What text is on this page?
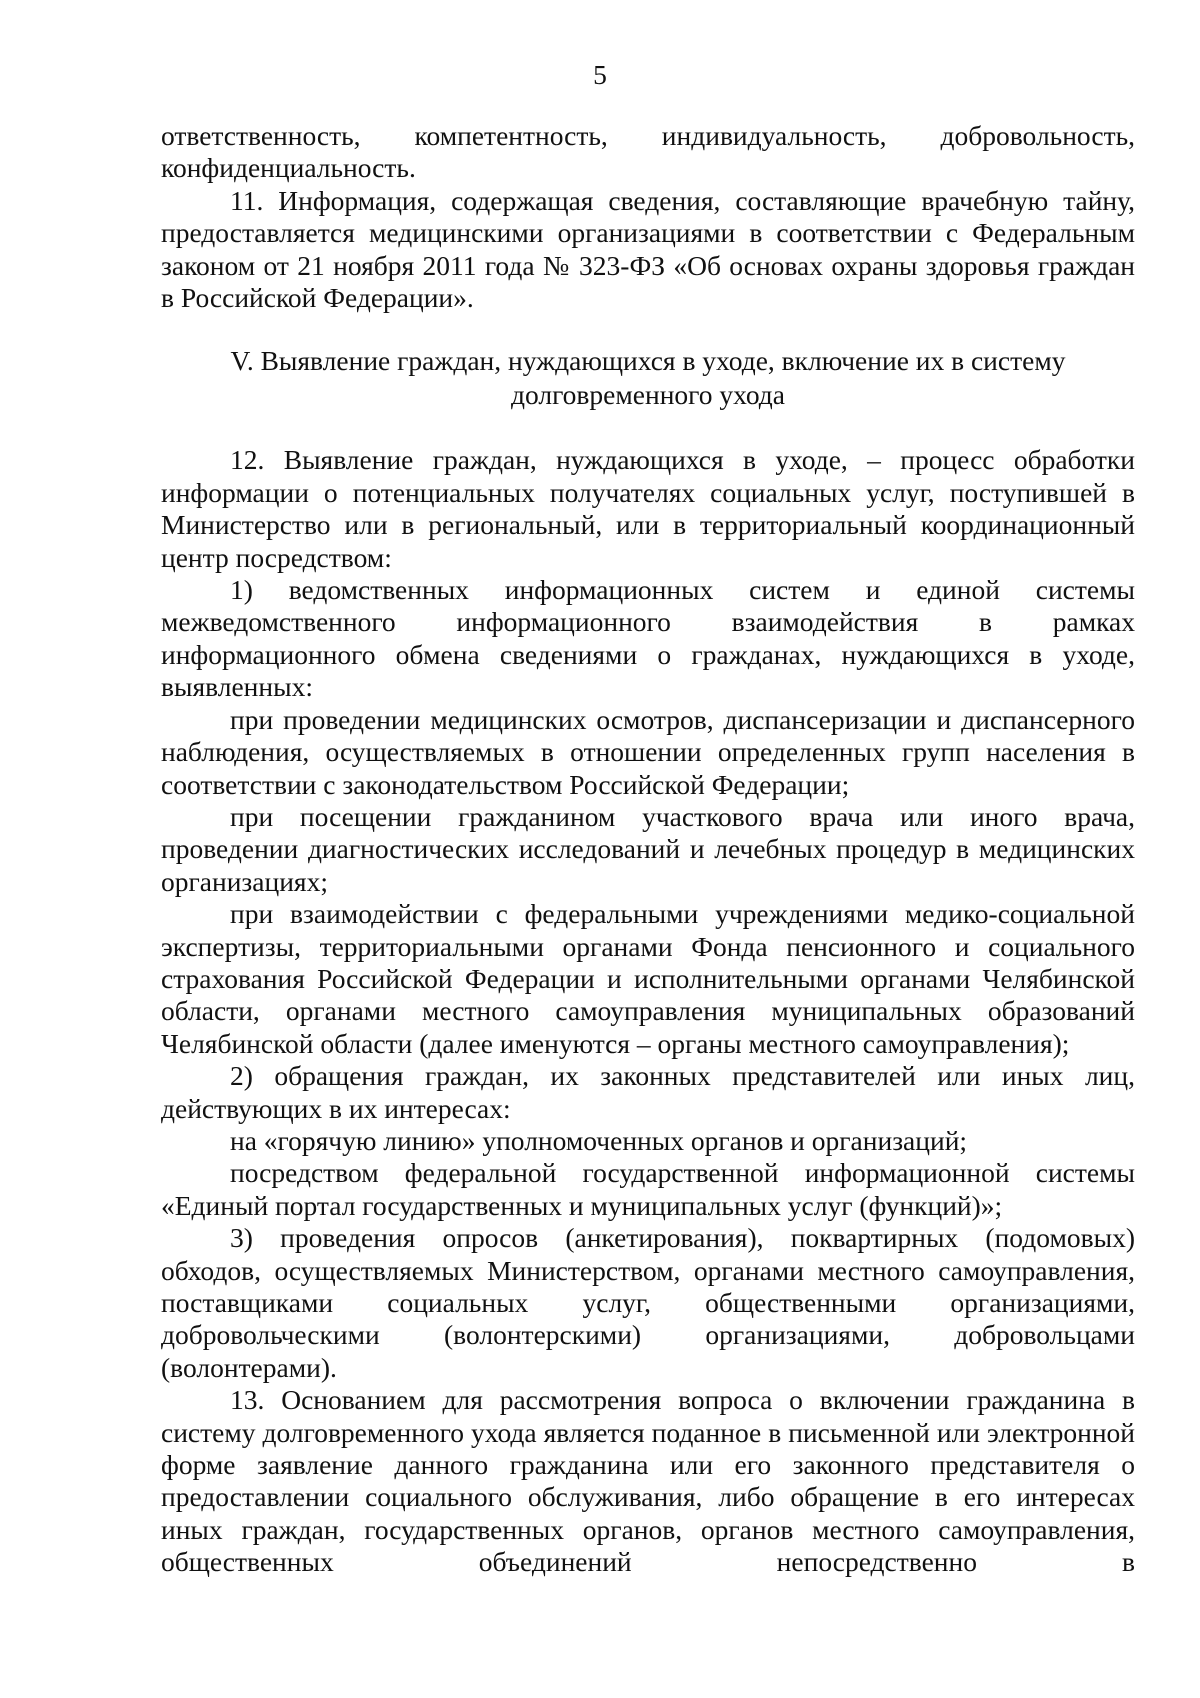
5

ответственность, компетентность, индивидуальность, добровольность,

конфиденциальность.

11. Информация, содержащая сведения, составляющие врачебную тайну, предоставляется медицинскими организациями в соответствии с Федеральным законом от 21 ноября 2011 года № 323-ФЗ «Об основах охраны здоровья граждан в Российской Федерации».

V. Выявление граждан, нуждающихся в уходе, включение их в систему

долговременного ухода

12. Выявление граждан, нуждающихся в уходе, – процесс обработки информации о потенциальных получателях социальных услуг, поступившей в Министерство или в региональный, или в территориальный координационный центр посредством:

1) ведомственных информационных систем и единой системы межведомственного информационного взаимодействия в рамках информационного обмена сведениями о гражданах, нуждающихся в уходе, выявленных:

при проведении медицинских осмотров, диспансеризации и диспансерного наблюдения, осуществляемых в отношении определенных групп населения в соответствии с законодательством Российской Федерации;

при посещении гражданином участкового врача или иного врача, проведении диагностических исследований и лечебных процедур в медицинских организациях;

при взаимодействии с федеральными учреждениями медико-социальной экспертизы, территориальными органами Фонда пенсионного и социального страхования Российской Федерации и исполнительными органами Челябинской области, органами местного самоуправления муниципальных образований Челябинской области (далее именуются – органы местного самоуправления);

2) обращения граждан, их законных представителей или иных лиц, действующих в их интересах:

на «горячую линию» уполномоченных органов и организаций;

посредством федеральной государственной информационной системы «Единый портал государственных и муниципальных услуг (функций)»;

3) проведения опросов (анкетирования), поквартирных (подомовых) обходов, осуществляемых Министерством, органами местного самоуправления, поставщиками социальных услуг, общественными организациями, добровольческими (волонтерскими) организациями, добровольцами (волонтерами).

13. Основанием для рассмотрения вопроса о включении гражданина в систему долговременного ухода является поданное в письменной или электронной форме заявление данного гражданина или его законного представителя о предоставлении социального обслуживания, либо обращение в его интересах иных граждан, государственных органов, органов местного самоуправления, общественных объединений непосредственно в
